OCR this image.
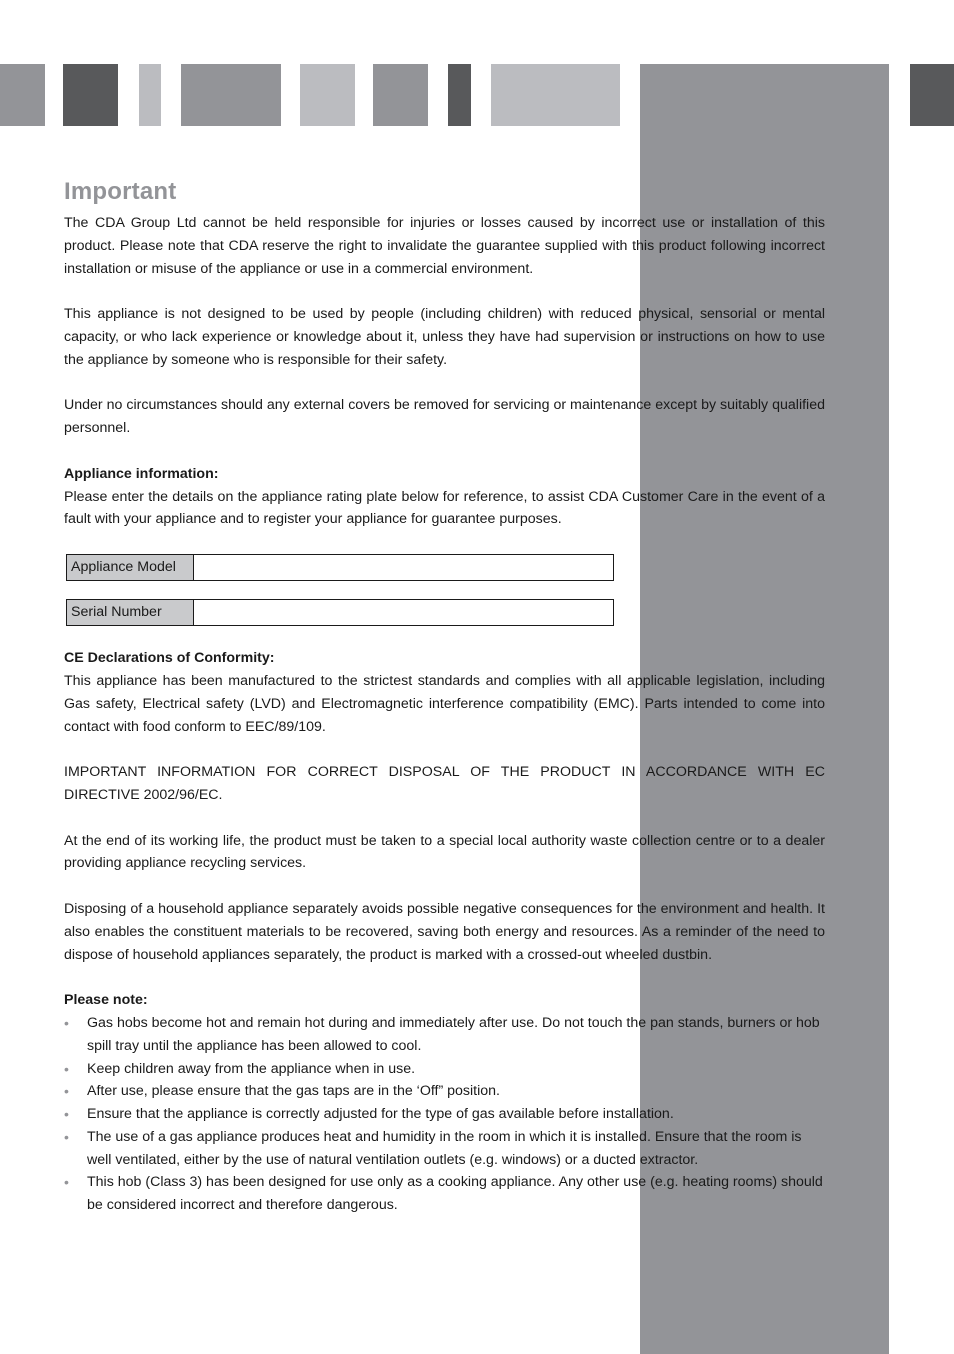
Important

The CDA Group Ltd cannot be held responsible for injuries or losses caused by incorrect use or installation of this product. Please note that CDA reserve the right to invalidate the guarantee supplied with this product following incorrect installation or misuse of the appliance or use in a commercial environment.

This appliance is not designed to be used by people (including children) with reduced physical, sensorial or mental capacity, or who lack experience or knowledge about it, unless they have had supervision or instructions on how to use the appliance by someone who is responsible for their safety.

Under no circumstances should any external covers be removed for servicing or maintenance except by suitably qualified personnel.

Appliance information:

Please enter the details on the appliance rating plate below for reference, to assist CDA Customer Care in the event of a fault with your appliance and to register your appliance for guarantee purposes.

Appliance Model
Serial Number

CE Declarations of Conformity:

This appliance has been manufactured to the strictest standards and complies with all applicable legislation, including Gas safety, Electrical safety (LVD) and Electromagnetic interference compatibility (EMC). Parts intended to come into contact with food conform to EEC/89/109.

IMPORTANT INFORMATION FOR CORRECT DISPOSAL OF THE PRODUCT IN ACCORDANCE WITH EC DIRECTIVE 2002/96/EC.

At the end of its working life, the product must be taken to a special local authority waste collection centre or to a dealer providing appliance recycling services.

Disposing of a household appliance separately avoids possible negative consequences for the environment and health. It also enables the constituent materials to be recovered, saving both energy and resources. As a reminder of the need to dispose of household appliances separately, the product is marked with a crossed-out wheeled dustbin.

Please note:

• Gas hobs become hot and remain hot during and immediately after use. Do not touch the pan stands, burners or hob spill tray until the appliance has been allowed to cool.
• Keep children away from the appliance when in use.
• After use, please ensure that the gas taps are in the ‘Off” position.
• Ensure that the appliance is correctly adjusted for the type of gas available before installation.
• The use of a gas appliance produces heat and humidity in the room in which it is installed. Ensure that the room is well ventilated, either by the use of natural ventilation outlets (e.g. windows) or a ducted extractor.
• This hob (Class 3) has been designed for use only as a cooking appliance. Any other use (e.g. heating rooms) should be considered incorrect and therefore dangerous.
